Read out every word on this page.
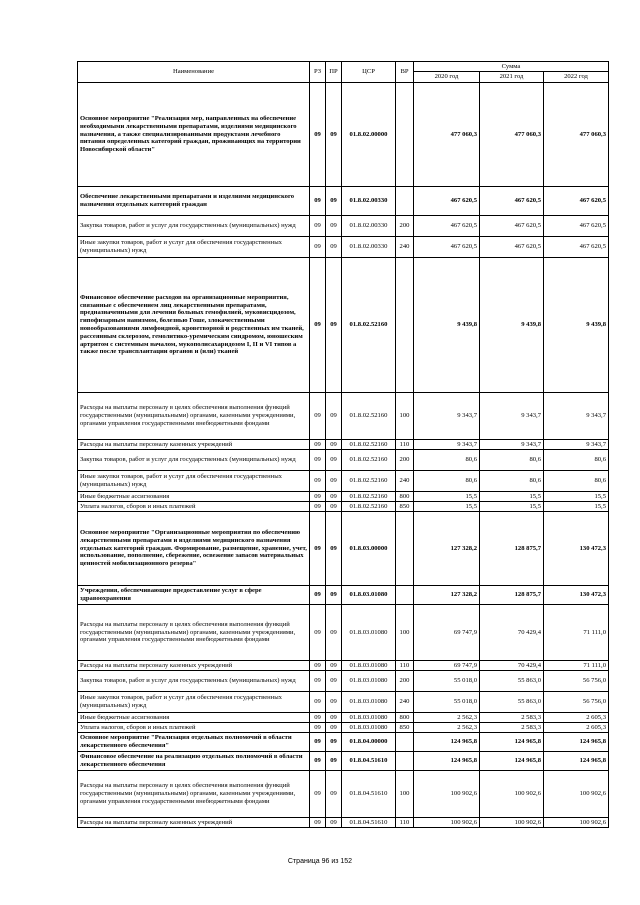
Наименование	РЗ	ПР	ЦСР	ВР	Сумма		
					2020 год	2021 год	2022 год
Основное мероприятие "Реализация мер, направленных на обеспечение необходимыми лекарственными препаратами, изделиями медицинского назначения, а также специализированными продуктами лечебного питания определенных категорий граждан, проживающих на территории Новосибирской области"	09	09	01.8.02.00000		477 060,3	477 060,3	477 060,3
Обеспечение лекарственными препаратами и изделиями медицинского назначения отдельных категорий граждан	09	09	01.8.02.00330		467 620,5	467 620,5	467 620,5
Закупка товаров, работ и услуг для государственных (муниципальных) нужд	09	09	01.8.02.00330	200	467 620,5	467 620,5	467 620,5
Иные закупки товаров, работ и услуг для обеспечения государственных (муниципальных) нужд	09	09	01.8.02.00330	240	467 620,5	467 620,5	467 620,5
Финансовое обеспечение расходов на организационные мероприятия, связанные с обеспечением лиц лекарственными препаратами, предназначенными для лечения больных гемофилией, муковисцидозом, гипофизарным нанизмом, болезнью Гоше, злокачественными новообразованиями лимфоидной, кроветворной и родственных им тканей, рассеянным склерозом, гемолитико-уремическим синдромом, юношеским артритом с системным началом, мукополисахаридозом I, II и VI типов а также после трансплантации органов и (или) тканей	09	09	01.8.02.52160		9 439,8	9 439,8	9 439,8
Расходы на выплаты персоналу в целях обеспечения выполнения функций государственными (муниципальными) органами, казенными учреждениями, органами управления государственными внебюджетными фондами	09	09	01.8.02.52160	100	9 343,7	9 343,7	9 343,7
Расходы на выплаты персоналу казенных учреждений	09	09	01.8.02.52160	110	9 343,7	9 343,7	9 343,7
Закупка товаров, работ и услуг для государственных (муниципальных) нужд	09	09	01.8.02.52160	200	80,6	80,6	80,6
Иные закупки товаров, работ и услуг для обеспечения государственных (муниципальных) нужд	09	09	01.8.02.52160	240	80,6	80,6	80,6
Иные бюджетные ассигнования	09	09	01.8.02.52160	800	15,5	15,5	15,5
Уплата налогов, сборов и иных платежей	09	09	01.8.02.52160	850	15,5	15,5	15,5
Основное мероприятие "Организационные мероприятия по обеспечению лекарственными препаратами и изделиями медицинского назначения отдельных категорий граждан. Формирование, размещение, хранение, учет, использование, пополнение, сбережение, освежение запасов материальных ценностей мобилизационного резерва"	09	09	01.8.03.00000		127 328,2	128 875,7	130 472,3
Учреждения, обеспечивающие предоставление услуг в сфере здравоохранения	09	09	01.8.03.01080		127 328,2	128 875,7	130 472,3
Расходы на выплаты персоналу в целях обеспечения выполнения функций государственными (муниципальными) органами, казенными учреждениями, органами управления государственными внебюджетными фондами	09	09	01.8.03.01080	100	69 747,9	70 429,4	71 111,0
Расходы на выплаты персоналу казенных учреждений	09	09	01.8.03.01080	110	69 747,9	70 429,4	71 111,0
Закупка товаров, работ и услуг для государственных (муниципальных) нужд	09	09	01.8.03.01080	200	55 018,0	55 863,0	56 756,0
Иные закупки товаров, работ и услуг для обеспечения государственных (муниципальных) нужд	09	09	01.8.03.01080	240	55 018,0	55 863,0	56 756,0
Иные бюджетные ассигнования	09	09	01.8.03.01080	800	2 562,3	2 583,3	2 605,3
Уплата налогов, сборов и иных платежей	09	09	01.8.03.01080	850	2 562,3	2 583,3	2 605,3
Основное мероприятие "Реализация отдельных полномочий в области лекарственного обеспечения"	09	09	01.8.04.00000		124 965,8	124 965,8	124 965,8
Финансовое обеспечение на реализацию отдельных полномочий в области лекарственного обеспечения	09	09	01.8.04.51610		124 965,8	124 965,8	124 965,8
Расходы на выплаты персоналу в целях обеспечения выполнения функций государственными (муниципальными) органами, казенными учреждениями, органами управления государственными внебюджетными фондами	09	09	01.8.04.51610	100	100 902,6	100 902,6	100 902,6
Расходы на выплаты персоналу казенных учреждений	09	09	01.8.04.51610	110	100 902,6	100 902,6	100 902,6
Страница 96 из 152
